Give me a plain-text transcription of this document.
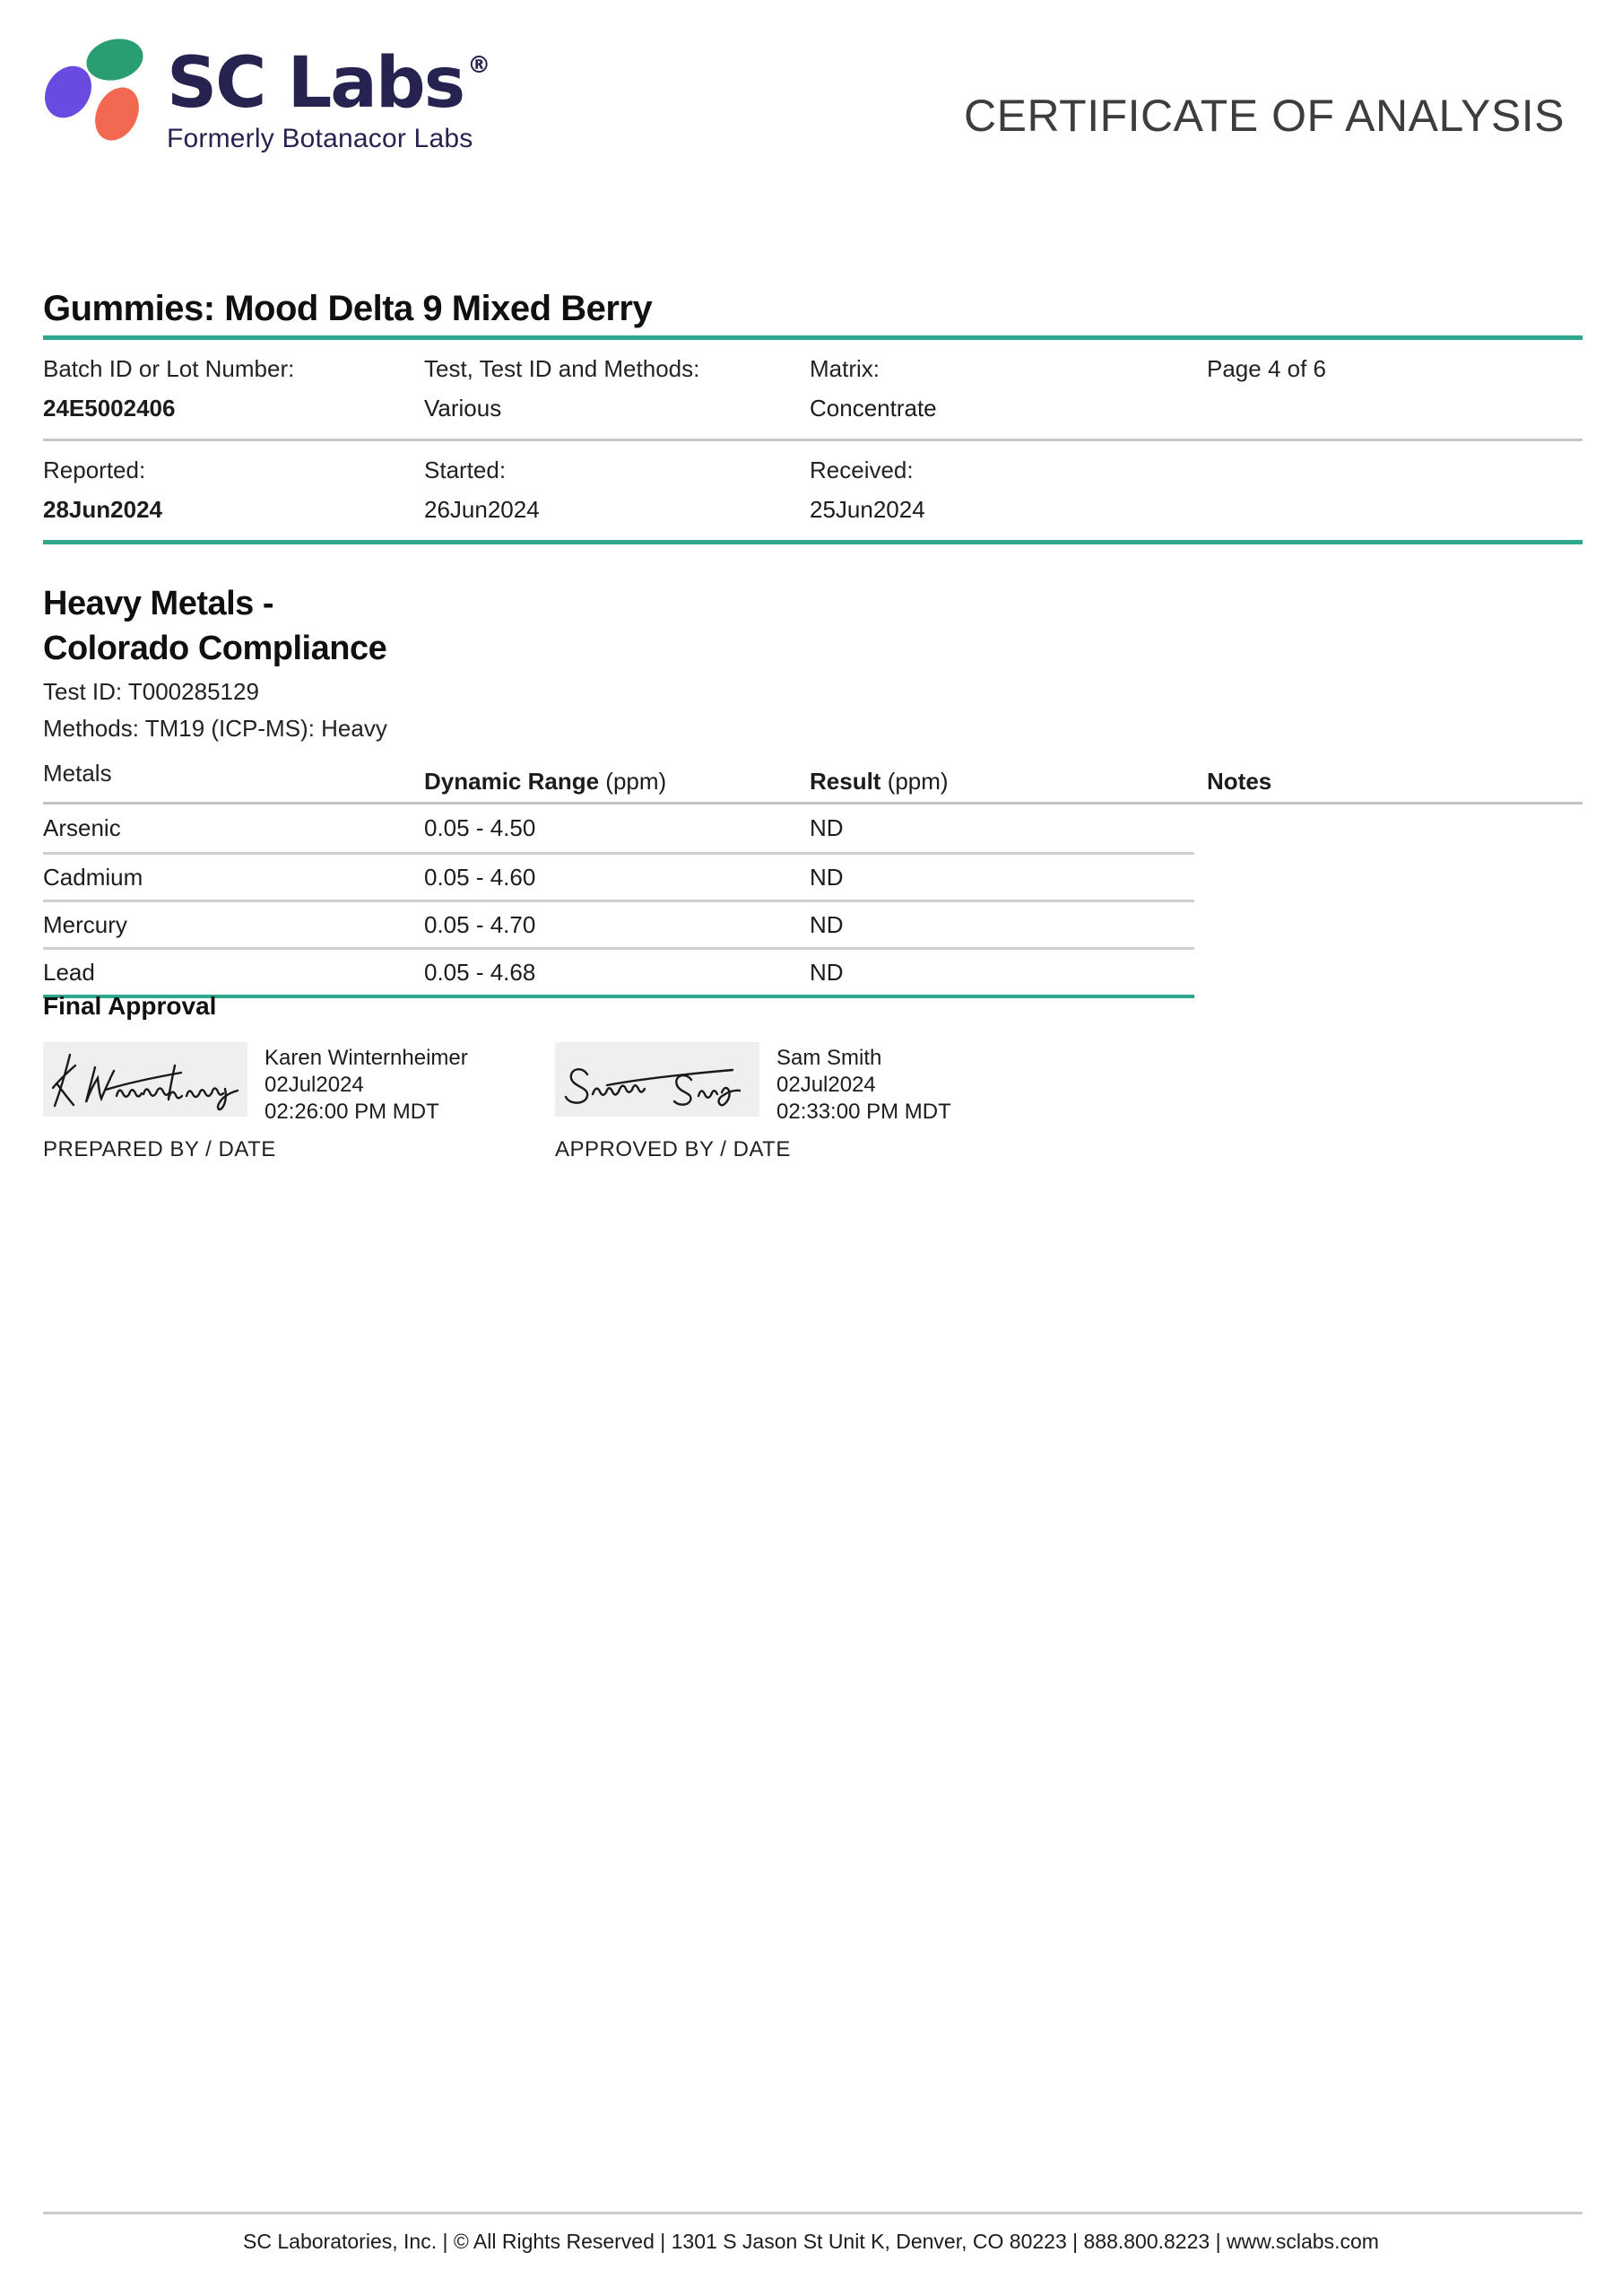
SC Labs ®
Formerly Botanacor Labs	CERTIFICATE OF ANALYSIS
Gummies: Mood Delta 9 Mixed Berry
Batch ID or Lot Number:
24E5002406
Test, Test ID and Methods:
Various
Matrix:
Concentrate
Page 4 of 6
Reported:
28Jun2024
Started:
26Jun2024
Received:
25Jun2024
Heavy Metals -
Colorado Compliance
Test ID: T000285129
Methods: TM19 (ICP-MS): Heavy Metals	Dynamic Range (ppm)	Result (ppm)	Notes
Arsenic	0.05 - 4.50	ND
Cadmium	0.05 - 4.60	ND
Mercury	0.05 - 4.70	ND
Lead	0.05 - 4.68	ND
Final Approval
Karen Winternheimer
02Jul2024
02:26:00 PM MDT
PREPARED BY / DATE
Sam Smith
02Jul2024
02:33:00 PM MDT
APPROVED BY / DATE
SC Laboratories, Inc. | © All Rights Reserved | 1301 S Jason St Unit K, Denver, CO 80223 | 888.800.8223 | www.sclabs.com
